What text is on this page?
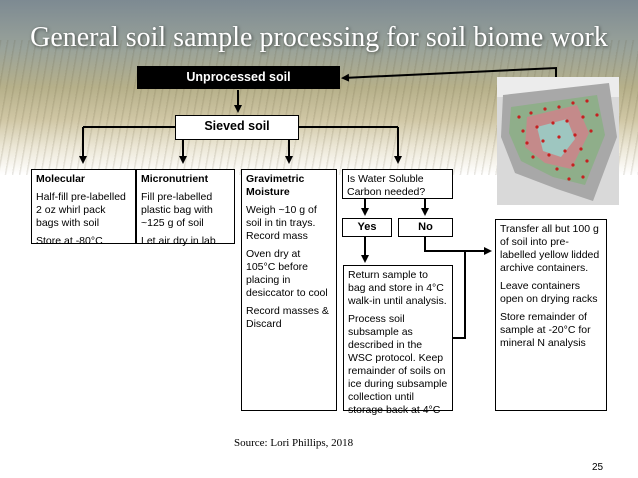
General soil sample processing for soil biome work
Unprocessed soil
Sieved soil

Molecular

Half-fill pre-labelled 2 oz whirl pack bags with soil

Store at -80°C

Micronutrient

Fill pre-labelled plastic bag with ~125 g of soil

Let air dry in lab

Gravimetric Moisture

Weigh ~10 g of soil in tin trays. Record mass

Oven dry at 105°C before placing in desiccator to cool

Record masses & Discard

Is Water Soluble Carbon needed?

Yes	No

Return sample to bag and store in 4°C walk-in until analysis.

Process soil subsample as described in the WSC protocol. Keep remainder of soils on ice during subsample collection until storage back at 4°C

Transfer all but 100 g of soil into pre-labelled yellow lidded archive containers.

Leave containers open on drying racks

Store remainder of sample at -20°C for mineral N analysis

Source: Lori Phillips, 2018
25
